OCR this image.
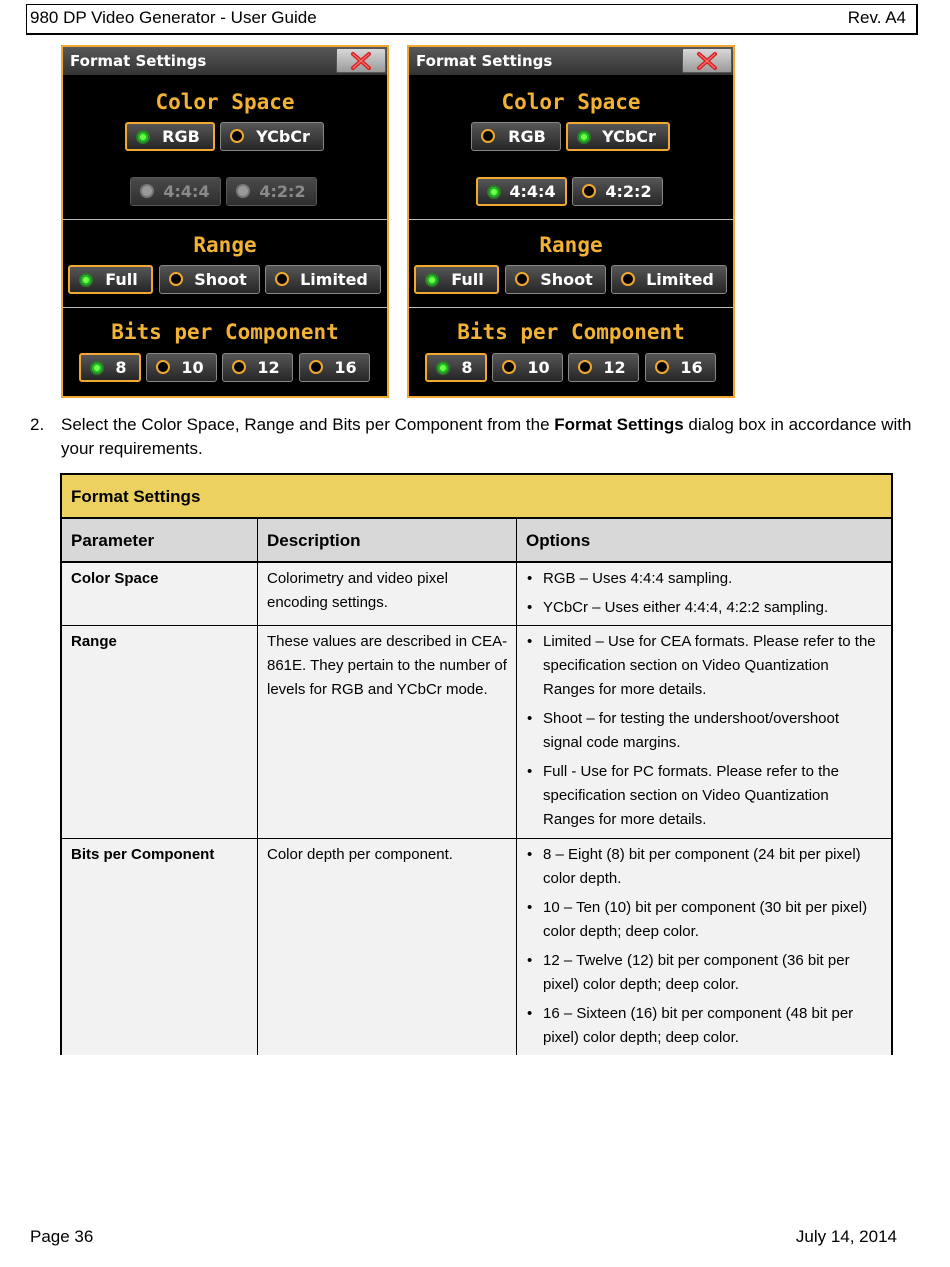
980 DP Video Generator - User Guide	Rev. A4
Format Settings
Color Space
RGB	YCbCr
4:4:4	4:2:2
Range
Full	Shoot	Limited
Bits per Component
8	10	12	16
Format Settings
Color Space
RGB	YCbCr
4:4:4	4:2:2
Range
Full	Shoot	Limited
Bits per Component
8	10	12	16
2. Select the Color Space, Range and Bits per Component from the Format Settings dialog box in accordance with your requirements.
Format Settings
Parameter	Description	Options
Color Space	Colorimetry and video pixel encoding settings.
• RGB – Uses 4:4:4 sampling.
• YCbCr – Uses either 4:4:4, 4:2:2 sampling.
Range	These values are described in CEA-861E. They pertain to the number of levels for RGB and YCbCr mode.
• Limited – Use for CEA formats. Please refer to the specification section on Video Quantization Ranges for more details.
• Shoot – for testing the undershoot/overshoot signal code margins.
• Full - Use for PC formats. Please refer to the specification section on Video Quantization Ranges for more details.
Bits per Component	Color depth per component.
•	8 – Eight (8) bit per component (24 bit per pixel) color depth.
• 10 – Ten (10) bit per component (30 bit per pixel) color depth; deep color.
• 12 – Twelve (12) bit per component (36 bit per pixel) color depth; deep color.
• 16 – Sixteen (16) bit per component (48 bit per pixel) color depth; deep color.
Page 36	July 14, 2014
